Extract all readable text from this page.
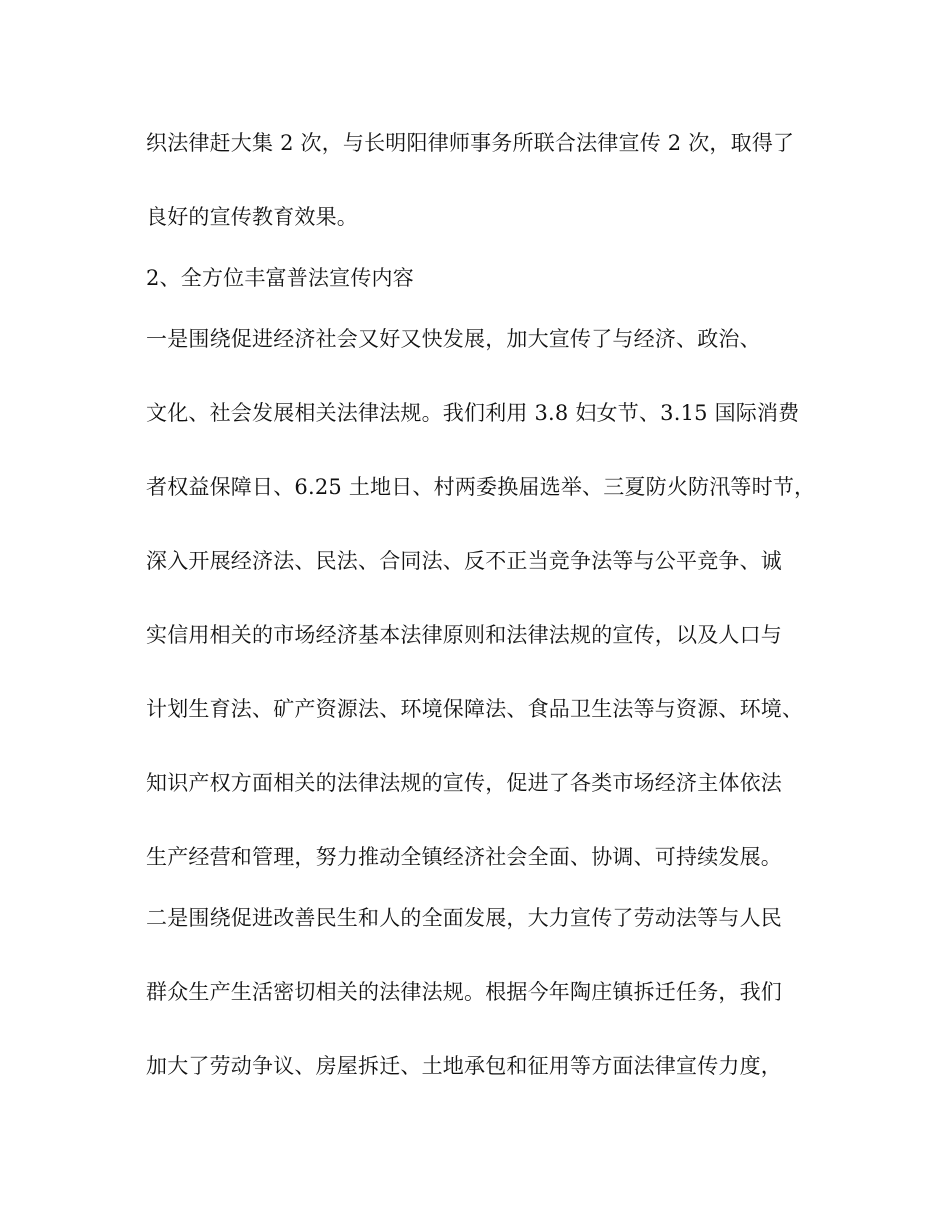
织法律赶大集 2 次，与长明阳律师事务所联合法律宣传 2 次，取得了
良好的宣传教育效果。
2、全方位丰富普法宣传内容
一是围绕促进经济社会又好又快发展，加大宣传了与经济、政治、
文化、社会发展相关法律法规。我们利用 3.8 妇女节、3.15 国际消费
者权益保障日、6.25 土地日、村两委换届选举、三夏防火防汛等时节，
深入开展经济法、民法、合同法、反不正当竞争法等与公平竞争、诚
实信用相关的市场经济基本法律原则和法律法规的宣传，以及人口与
计划生育法、矿产资源法、环境保障法、食品卫生法等与资源、环境、
知识产权方面相关的法律法规的宣传，促进了各类市场经济主体依法
生产经营和管理，努力推动全镇经济社会全面、协调、可持续发展。
二是围绕促进改善民生和人的全面发展，大力宣传了劳动法等与人民
群众生产生活密切相关的法律法规。根据今年陶庄镇拆迁任务，我们
加大了劳动争议、房屋拆迁、土地承包和征用等方面法律宣传力度，
